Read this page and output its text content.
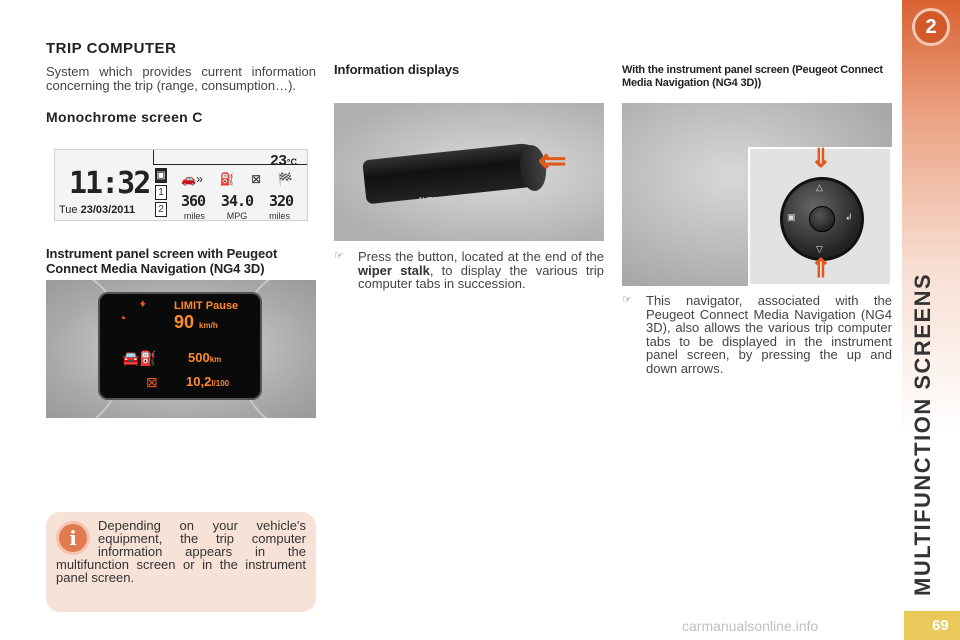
TRIP COMPUTER

System which provides current information concerning the trip (range, consumption…).

Monochrome screen C
11:32
Tue 23/03/2011
23°C
▣
1
2
🚗» ⛽ ⊠ 🏁
360 34.0 320
miles MPG miles
Instrument panel screen with Peugeot Connect Media Navigation (NG4 3D)
◔
♦	LIMIT Pause
90 km/h
🚘⛽ 500km
⊠ 10,2l/100
Information displays
AUTO
⇐
☞	Press the button, located at the end of the wiper stalk, to display the various trip computer tabs in succession.
With the instrument panel screen (Peugeot Connect Media Navigation (NG4 3D))
△
▽
▣	↲
⇓
⇑
☞	This navigator, associated with the Peugeot Connect Media Navigation (NG4 3D), also allows the various trip computer tabs to be displayed in the instrument panel screen, by pressing the up and down arrows.
i

Depending on your vehicle's equipment, the trip computer information appears in the multifunction screen or in the instrument panel screen.

2
MULTIFUNCTION SCREENS
69
carmanualsonline.info
